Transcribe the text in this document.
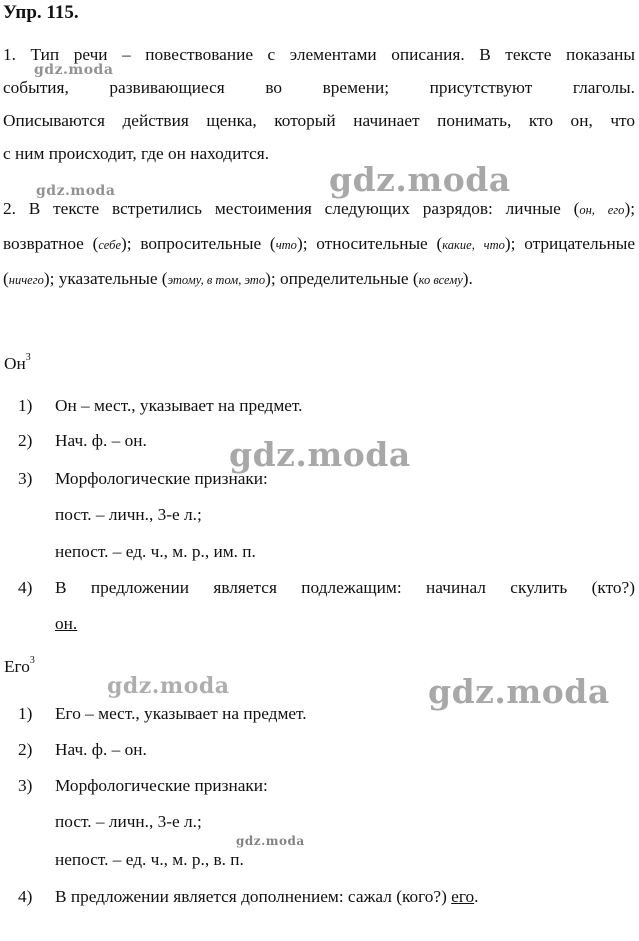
Упр. 115.
1. Тип речи – повествование с элементами описания. В тексте показаны
события, развивающиеся во времени; присутствуют глаголы.
Описываются действия щенка, который начинает понимать, кто он, что
с ним происходит, где он находится.
2. В тексте встретились местоимения следующих разрядов: личные (он, его); возвратное (себе); вопросительные (что); относительные (какие, что); отрицательные (ничего); указательные (этому, в том, это); определительные (ко всему).
$Он^3$
1) Он – мест., указывает на предмет.
2) Нач. ф. – он.
3) Морфологические признаки:
пост. – личн., 3-е л.;
непост. – ед. ч., м. р., им. п.
4) В предложении является подлежащим: начинал скулить (кто?)
он.
Его$^3$
1) Его – мест., указывает на предмет.
2) Нач. ф. – он.
3) Морфологические признаки:
пост. – личн., 3-е л.;
непост. – ед. ч., м. р., в. п.
4) В предложении является дополнением: сажал (кого?) его.
gdz.moda
gdz.moda	gdz.moda
gdz.moda
gdz.moda	gdz.moda
gdz.moda
